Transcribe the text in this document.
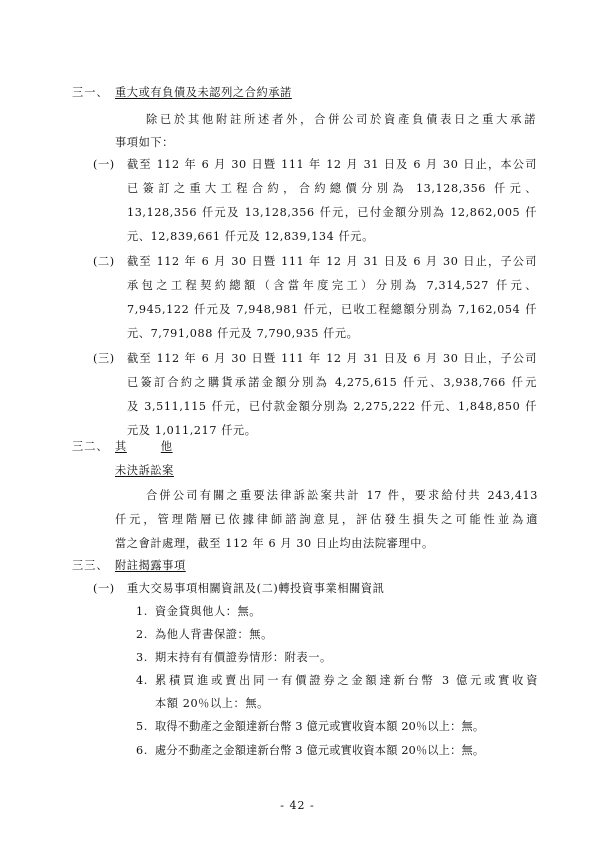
三一、 重大或有負債及未認列之合約承諾
除已於其他附註所述者外，合併公司於資產負債表日之重大承諾
事項如下：
(一) 截至 112 年 6 月 30 日暨 111 年 12 月 31 日及 6 月 30 日止，本公司
已簽訂之重大工程合約，合約總價分別為 13,128,356 仟元、
13,128,356 仟元及 13,128,356 仟元，已付金額分別為 12,862,005 仟
元、12,839,661 仟元及 12,839,134 仟元。
(二) 截至 112 年 6 月 30 日暨 111 年 12 月 31 日及 6 月 30 日止，子公司
承包之工程契約總額（含當年度完工）分別為 7,314,527 仟元、
7,945,122 仟元及 7,948,981 仟元，已收工程總額分別為 7,162,054 仟
元、7,791,088 仟元及 7,790,935 仟元。
(三) 截至 112 年 6 月 30 日暨 111 年 12 月 31 日及 6 月 30 日止，子公司
已簽訂合約之購貨承諾金額分別為 4,275,615 仟元、3,938,766 仟元
及 3,511,115 仟元，已付款金額分別為 2,275,222 仟元、1,848,850 仟
元及 1,011,217 仟元。
三二、 其	他
未決訴訟案
合併公司有關之重要法律訴訟案共計 17 件，要求給付共 243,413
仟元，管理階層已依據律師諮詢意見，評估發生損失之可能性並為適
當之會計處理，截至 112 年 6 月 30 日止均由法院審理中。
三三、 附註揭露事項
(一) 重大交易事項相關資訊及(二)轉投資事業相關資訊
1. 資金貸與他人：無。
2. 為他人背書保證：無。
3. 期末持有有價證券情形：附表一。
4. 累積買進或賣出同一有價證券之金額達新台幣 3 億元或實收資
本額 20％以上：無。
5. 取得不動產之金額達新台幣 3 億元或實收資本額 20％以上：無。
6. 處分不動產之金額達新台幣 3 億元或實收資本額 20％以上：無。
- 42 -
